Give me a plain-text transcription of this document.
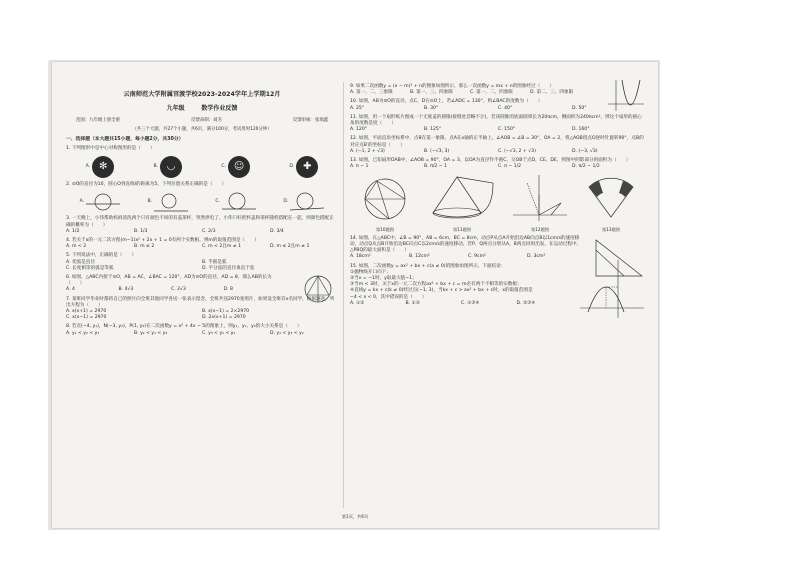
云南师范大学附属官渡学校2023-2024学年上学期12月
九年级	数学作业反馈
范围：九年级上册全册	反馈命制：刘杰	反馈审核：张瑞鑫
（共三个大题，共27个小题，共6页，满分100分，考试用时120分钟）
一、选择题（本大题共15小题，每小题2分，共30分）
1. 下列图形中是中心对称图形的是（　　）
A. ✻	B. ◡	C. ☺	D. ✚
2. ⊙O的直径为10，圆心O到直线l的距离为5，下列位置关系正确的是（　　）
A.	B.	C.	D.
3. 一天晚上，小伟帮助妈妈清洗两个只有颜色不同的有盖茶杯，突然停电了，小伟只好把杯盖和茶杯随机搭配在一起，则颜色搭配正确的概率为（　　）
A. 1/2	B. 1/3	C. 2/3	D. 3/4
4. 若关于x的一元二次方程(m−1)x² + 2x + 1 = 0有两个实数根，则m的取值范围是（　　）
A. m < 2	B. m ≤ 2	C. m < 2且m ≠ 1	D. m ≤ 2且m ≠ 1
5. 下列说法中，正确的是（　　）
A. 优弧是直径	B. 半圆是弧
C. 长度相等的弧是等弧	D. 平分弦的直径垂直于弦
6. 如图，△ABC内接于⊙O，AB = AC，∠BAC = 120°，AD为⊙O的直径，AD = 8，那么AB的长为（　　）
A. 4	B. 4√3	C. 2√3	D. 8
7. 某班同学毕业时都将自己的照片向全班其他同学各送一张表示留念，全班共送2970张照片，如果设全班有x名同学，根据题意，列出方程为（　　）
A. x(x+1) = 2970	B. x(x−1) = 2×2970
C. x(x−1) = 2970	D. 2x(x+1) = 2970
8. 若点(−4, y₁)，N(−3, y₂)，P(1, y₃)在二次函数y = x² + 4x − 5的图象上，则y₁，y₂，y₃的大小关系是（　　）
A. y₁ < y₂ < y₃	B. y₂ < y₁ < y₃	C. y₃ < y₁ < y₂	D. y₁ < y₃ < y₂
9. 如果二次函数y = (x − m)² + n的图象如图所示，那么一次函数y = mx + n的图象经过（　　）
A. 第一、二、三象限	B. 第一、三、四象限	C. 第一、二、四象限	D. 第二、三、四象限
10. 如图，AB为⊙O的直径，点C，D在⊙O上，若∠ADC = 130°，则∠BAC的度数为（　　）
A. 25°	B. 30°	C. 40°	D. 50°
11. 如图，用一个扇形纸片围成一个无底盖的圆锥(接缝处忽略不计)，若该圆锥的底面圆周长为20πcm，侧面积为240πcm²，则这个扇形的圆心角的度数是度（　　）
A. 120°	B. 125°	C. 150°	D. 160°
12. 如图，平面直角坐标系中，点B在第一象限，点A在x轴的正半轴上，∠AOB = ∠B = 30°，OA = 2，将△AOB绕点O逆时针旋转90°，点B的对应点B′的坐标是（　　）
A. (−1, 2 + √3)	B. (−√3, 3)	C. (−√3, 2 + √3)	D. (−3, √3)
13. 如图，已知扇形OAB中，∠AOB = 90°，OA = 3，以OA为直径作半圆C，交OB于点D，CE、DE，则图中阴影部分的面积为（　　）
A. π − 1	B. π/2 − 1	C. π − 1/2	D. π/2 − 1/2
第10题图	第11题图	第12题图	第13题图
14. 如图，在△ABC中，∠B = 90°，AB = 6cm，BC = 8cm，动点P从点A开始沿边AB向点B以1cm/s的速度移动，动点Q从点B开始沿边BC向点C以2cm/s的速度移动，若P、Q两点分别从A、B两点同时出发，在运动过程中，△PBQ的最大面积是（　　）
A. 18cm²	B. 12cm²	C. 9cm²	D. 3cm²
15. 如图，二次函数y = ax² + bx + c(a ≠ 0)的图象如图所示，下面结论：
①抛物线开口向下；
②当x = −1时，y取最大值−1；
③当m < 3时，关于x的一元二次方程ax² + bx + c = m必有两个不相等的实数根；
④直线y = kx + c(k ≠ 0)经过点(−1, 3)，当kx + c > ax² + bx + c时，x的取值范围是
−4 < x < 0，其中错误的是（　　）
A. ①②	B. ①③	C. ①③④	D. ②③④
第1页，共6页
